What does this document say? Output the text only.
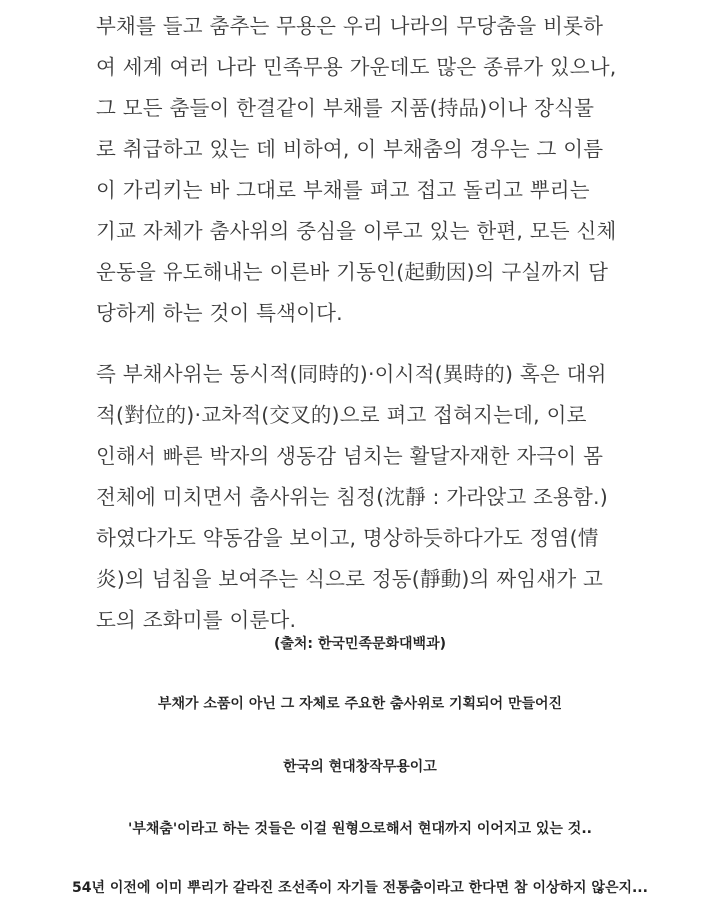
부채를 들고 춤추는 무용은 우리 나라의 무당춤을 비롯하
여 세계 여러 나라 민족무용 가운데도 많은 종류가 있으나,
그 모든 춤들이 한결같이 부채를 지품(持品)이나 장식물
로 취급하고 있는 데 비하여, 이 부채춤의 경우는 그 이름
이 가리키는 바 그대로 부채를 펴고 접고 돌리고 뿌리는
기교 자체가 춤사위의 중심을 이루고 있는 한편, 모든 신체
운동을 유도해내는 이른바 기동인(起動因)의 구실까지 담
당하게 하는 것이 특색이다.
즉 부채사위는 동시적(同時的)·이시적(異時的) 혹은 대위
적(對位的)·교차적(交叉的)으로 펴고 접혀지는데, 이로
인해서 빠른 박자의 생동감 넘치는 활달자재한 자극이 몸
전체에 미치면서 춤사위는 침정(沈靜 : 가라앉고 조용함.)
하였다가도 약동감을 보이고, 명상하듯하다가도 정염(情
炎)의 넘침을 보여주는 식으로 정동(靜動)의 짜임새가 고
도의 조화미를 이룬다.
(출처: 한국민족문화대백과)
부채가 소품이 아닌 그 자체로 주요한 춤사위로 기획되어 만들어진
한국의 현대창작무용이고
'부채춤'이라고 하는 것들은 이걸 원형으로해서 현대까지 이어지고 있는 것..
54년 이전에 이미 뿌리가 갈라진 조선족이 자기들 전통춤이라고 한다면 참 이상하지 않은지...
